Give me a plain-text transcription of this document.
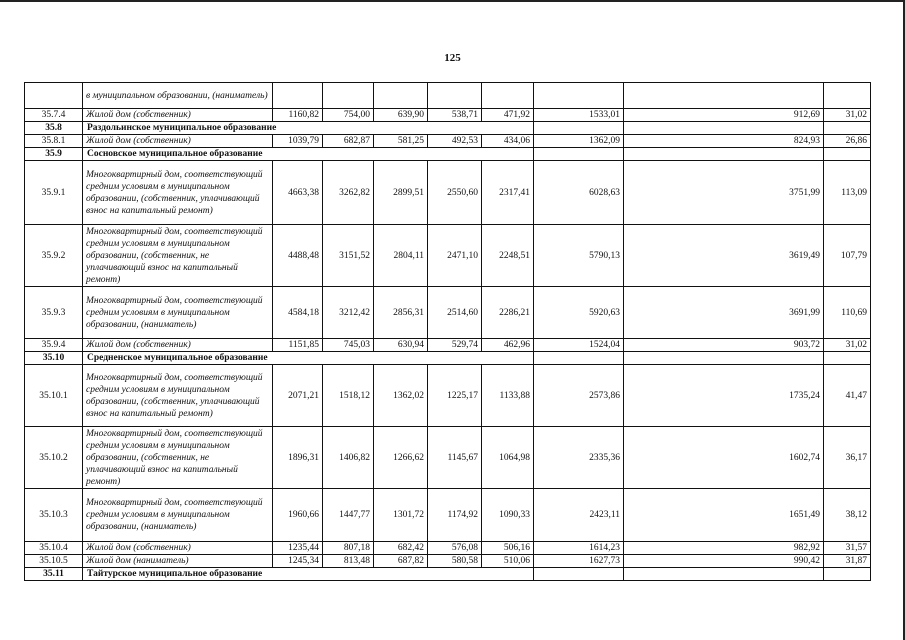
125
	в муниципальном образовании, (наниматель)								
35.7.4	Жилой дом (собственник)	1160,82	754,00	639,90	538,71	471,92	1533,01	912,69	31,02
35.8	Раздольинское муниципальное образование								
35.8.1	Жилой дом (собственник)	1039,79	682,87	581,25	492,53	434,06	1362,09	824,93	26,86
35.9	Сосновское муниципальное образование								
35.9.1	Многоквартирный дом, соответствующий средним условиям в муниципальном образовании, (собственник, уплачивающий взнос на капитальный ремонт)	4663,38	3262,82	2899,51	2550,60	2317,41	6028,63	3751,99	113,09
35.9.2	Многоквартирный дом, соответствующий средним условиям в муниципальном образовании, (собственник, не уплачивающий взнос на капитальный ремонт)	4488,48	3151,52	2804,11	2471,10	2248,51	5790,13	3619,49	107,79
35.9.3	Многоквартирный дом, соответствующий средним условиям в муниципальном образовании, (наниматель)	4584,18	3212,42	2856,31	2514,60	2286,21	5920,63	3691,99	110,69
35.9.4	Жилой дом (собственник)	1151,85	745,03	630,94	529,74	462,96	1524,04	903,72	31,02
35.10	Средненское муниципальное образование								
35.10.1	Многоквартирный дом, соответствующий средним условиям в муниципальном образовании, (собственник, уплачивающий взнос на капитальный ремонт)	2071,21	1518,12	1362,02	1225,17	1133,88	2573,86	1735,24	41,47
35.10.2	Многоквартирный дом, соответствующий средним условиям в муниципальном образовании, (собственник, не уплачивающий взнос на капитальный ремонт)	1896,31	1406,82	1266,62	1145,67	1064,98	2335,36	1602,74	36,17
35.10.3	Многоквартирный дом, соответствующий средним условиям в муниципальном образовании, (наниматель)	1960,66	1447,77	1301,72	1174,92	1090,33	2423,11	1651,49	38,12
35.10.4	Жилой дом (собственник)	1235,44	807,18	682,42	576,08	506,16	1614,23	982,92	31,57
35.10.5	Жилой дом (наниматель)	1245,34	813,48	687,82	580,58	510,06	1627,73	990,42	31,87
35.11	Тайтурское муниципальное образование								
